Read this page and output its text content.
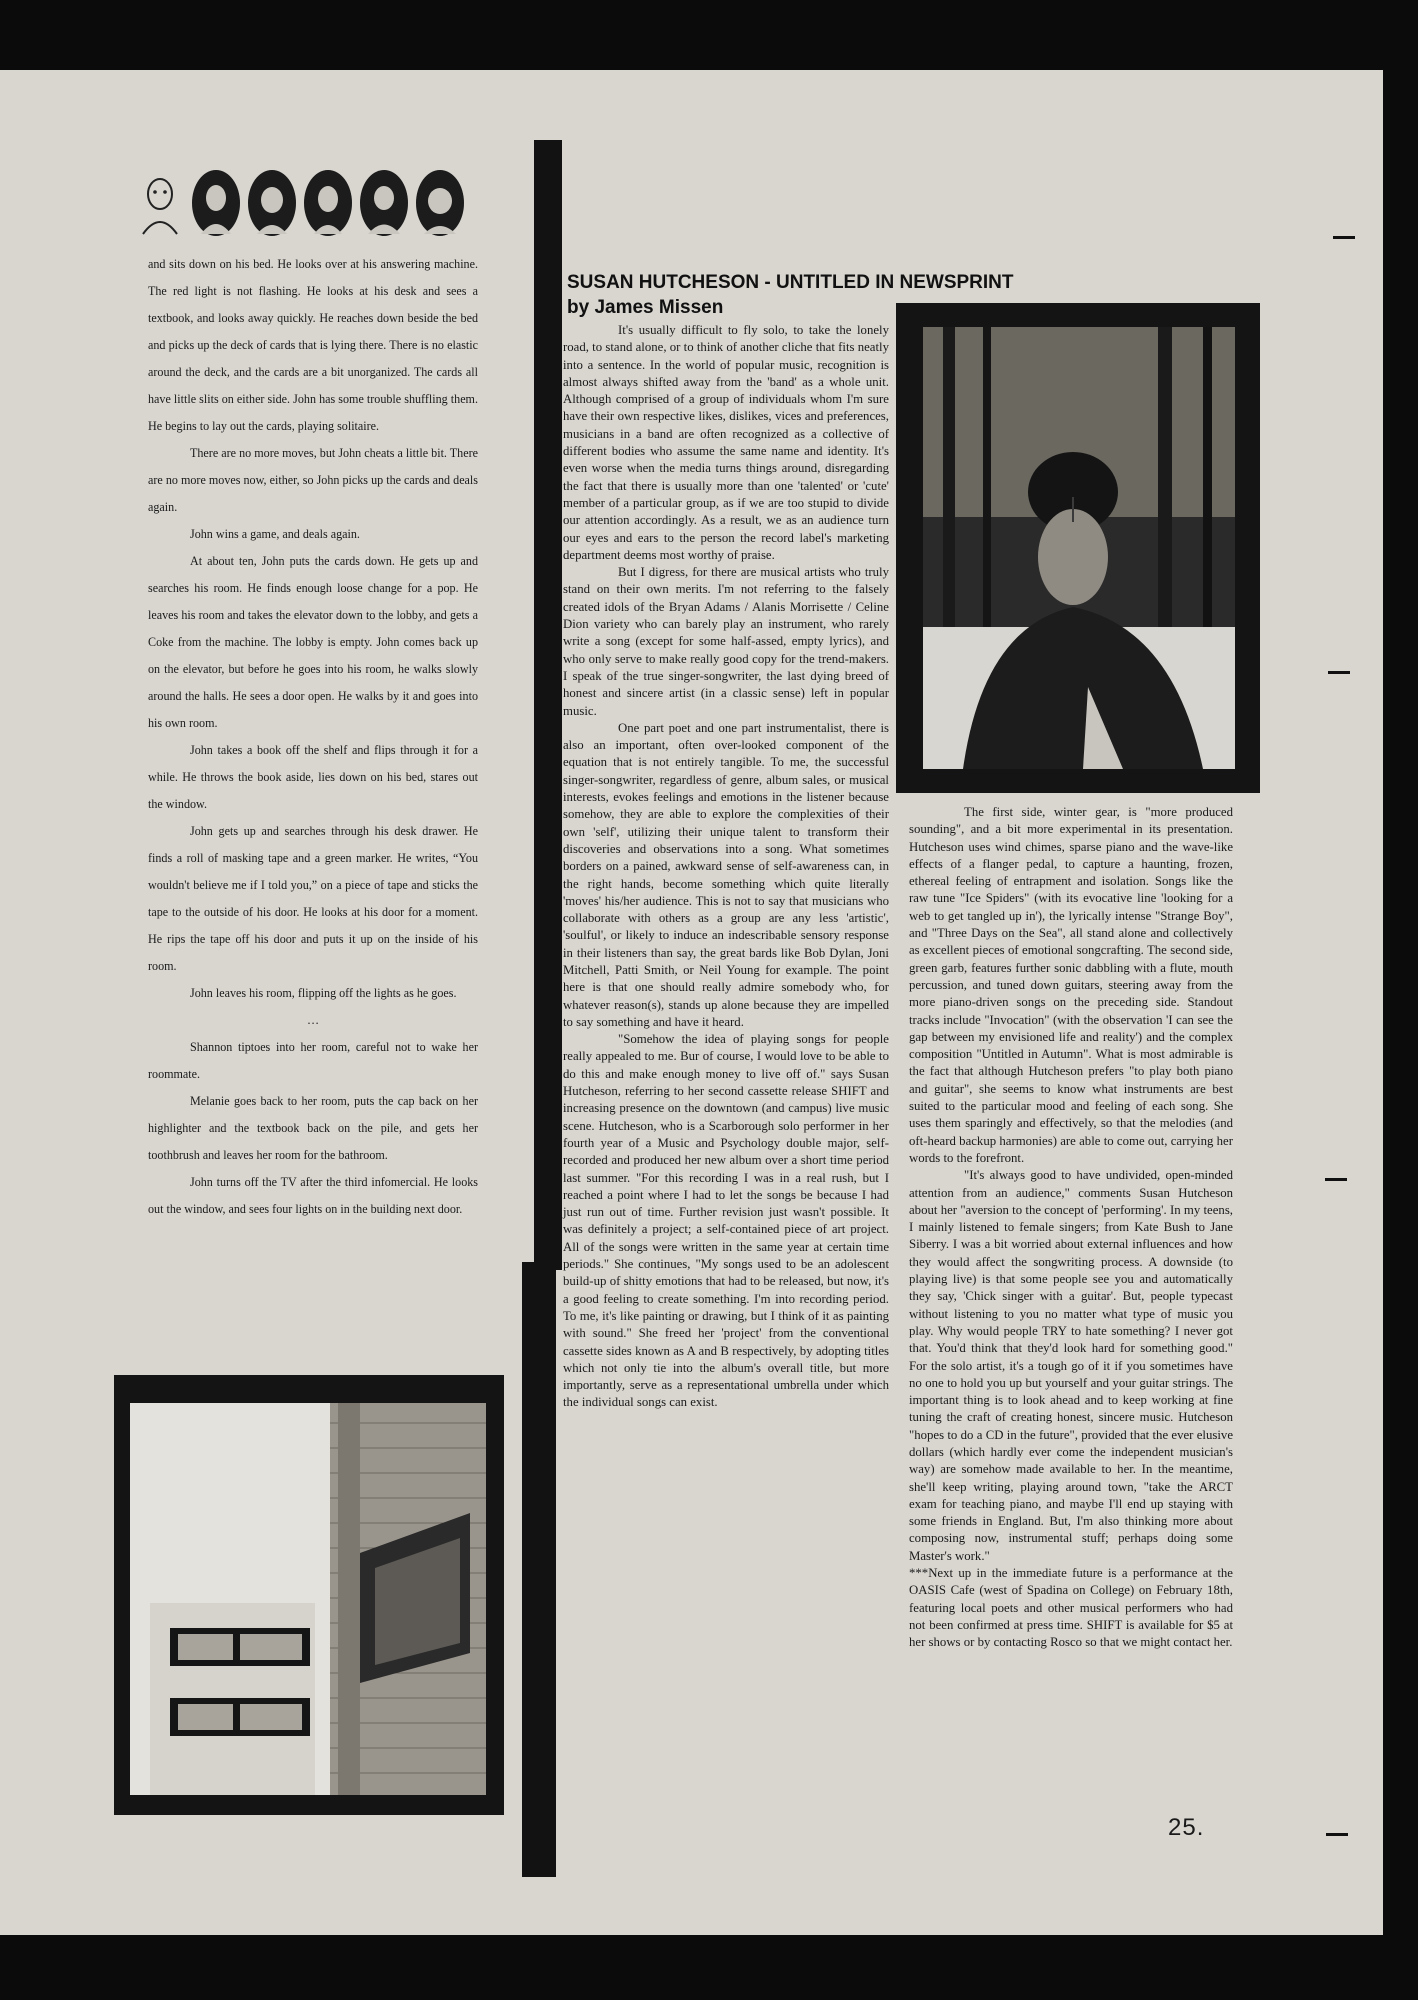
and sits down on his bed. He looks over at his answering machine. The red light is not flashing. He looks at his desk and sees a textbook, and looks away quickly. He reaches down beside the bed and picks up the deck of cards that is lying there. There is no elastic around the deck, and the cards are a bit unorganized. The cards all have little slits on either side. John has some trouble shuffling them. He begins to lay out the cards, playing solitaire.

There are no more moves, but John cheats a little bit. There are no more moves now, either, so John picks up the cards and deals again.

John wins a game, and deals again.

At about ten, John puts the cards down. He gets up and searches his room. He finds enough loose change for a pop. He leaves his room and takes the elevator down to the lobby, and gets a Coke from the machine. The lobby is empty. John comes back up on the elevator, but before he goes into his room, he walks slowly around the halls. He sees a door open. He walks by it and goes into his own room.

John takes a book off the shelf and flips through it for a while. He throws the book aside, lies down on his bed, stares out the window.

John gets up and searches through his desk drawer. He finds a roll of masking tape and a green marker. He writes, “You wouldn't believe me if I told you,” on a piece of tape and sticks the tape to the outside of his door. He looks at his door for a moment. He rips the tape off his door and puts it up on the inside of his room.

John leaves his room, flipping off the lights as he goes.

…

Shannon tiptoes into her room, careful not to wake her roommate.

Melanie goes back to her room, puts the cap back on her highlighter and the textbook back on the pile, and gets her toothbrush and leaves her room for the bathroom.

John turns off the TV after the third infomercial. He looks out the window, and sees four lights on in the building next door.

SUSAN HUTCHESON - UNTITLED IN NEWSPRINT
by James Missen

It's usually difficult to fly solo, to take the lonely road, to stand alone, or to think of another cliche that fits neatly into a sentence. In the world of popular music, recognition is almost always shifted away from the 'band' as a whole unit. Although comprised of a group of individuals whom I'm sure have their own respective likes, dislikes, vices and preferences, musicians in a band are often recognized as a collective of different bodies who assume the same name and identity. It's even worse when the media turns things around, disregarding the fact that there is usually more than one 'talented' or 'cute' member of a particular group, as if we are too stupid to divide our attention accordingly. As a result, we as an audience turn our eyes and ears to the person the record label's marketing department deems most worthy of praise.

But I digress, for there are musical artists who truly stand on their own merits. I'm not referring to the falsely created idols of the Bryan Adams / Alanis Morrisette / Celine Dion variety who can barely play an instrument, who rarely write a song (except for some half-assed, empty lyrics), and who only serve to make really good copy for the trend-makers. I speak of the true singer-songwriter, the last dying breed of honest and sincere artist (in a classic sense) left in popular music.

One part poet and one part instrumentalist, there is also an important, often over-looked component of the equation that is not entirely tangible. To me, the successful singer-songwriter, regardless of genre, album sales, or musical interests, evokes feelings and emotions in the listener because somehow, they are able to explore the complexities of their own 'self', utilizing their unique talent to transform their discoveries and observations into a song. What sometimes borders on a pained, awkward sense of self-awareness can, in the right hands, become something which quite literally 'moves' his/her audience. This is not to say that musicians who collaborate with others as a group are any less 'artistic', 'soulful', or likely to induce an indescribable sensory response in their listeners than say, the great bards like Bob Dylan, Joni Mitchell, Patti Smith, or Neil Young for example. The point here is that one should really admire somebody who, for whatever reason(s), stands up alone because they are impelled to say something and have it heard.

"Somehow the idea of playing songs for people really appealed to me. Bur of course, I would love to be able to do this and make enough money to live off of." says Susan Hutcheson, referring to her second cassette release SHIFT and increasing presence on the downtown (and campus) live music scene. Hutcheson, who is a Scarborough solo performer in her fourth year of a Music and Psychology double major, self-recorded and produced her new album over a short time period last summer. "For this recording I was in a real rush, but I reached a point where I had to let the songs be because I had just run out of time. Further revision just wasn't possible. It was definitely a project; a self-contained piece of art project. All of the songs were written in the same year at certain time periods." She continues, "My songs used to be an adolescent build-up of shitty emotions that had to be released, but now, it's a good feeling to create something. I'm into recording period. To me, it's like painting or drawing, but I think of it as painting with sound." She freed her 'project' from the conventional cassette sides known as A and B respectively, by adopting titles which not only tie into the album's overall title, but more importantly, serve as a representational umbrella under which the individual songs can exist.

The first side, winter gear, is "more produced sounding", and a bit more experimental in its presentation. Hutcheson uses wind chimes, sparse piano and the wave-like effects of a flanger pedal, to capture a haunting, frozen, ethereal feeling of entrapment and isolation. Songs like the raw tune "Ice Spiders" (with its evocative line 'looking for a web to get tangled up in'), the lyrically intense "Strange Boy", and "Three Days on the Sea", all stand alone and collectively as excellent pieces of emotional songcrafting. The second side, green garb, features further sonic dabbling with a flute, mouth percussion, and tuned down guitars, steering away from the more piano-driven songs on the preceding side. Standout tracks include "Invocation" (with the observation 'I can see the gap between my envisioned life and reality') and the complex composition "Untitled in Autumn". What is most admirable is the fact that although Hutcheson prefers "to play both piano and guitar", she seems to know what instruments are best suited to the particular mood and feeling of each song. She uses them sparingly and effectively, so that the melodies (and oft-heard backup harmonies) are able to come out, carrying her words to the forefront.

"It's always good to have undivided, open-minded attention from an audience," comments Susan Hutcheson about her "aversion to the concept of 'performing'. In my teens, I mainly listened to female singers; from Kate Bush to Jane Siberry. I was a bit worried about external influences and how they would affect the songwriting process. A downside (to playing live) is that some people see you and automatically they say, 'Chick singer with a guitar'. But, people typecast without listening to you no matter what type of music you play. Why would people TRY to hate something? I never got that. You'd think that they'd look hard for something good." For the solo artist, it's a tough go of it if you sometimes have no one to hold you up but yourself and your guitar strings. The important thing is to look ahead and to keep working at fine tuning the craft of creating honest, sincere music. Hutcheson "hopes to do a CD in the future", provided that the ever elusive dollars (which hardly ever come the independent musician's way) are somehow made available to her. In the meantime, she'll keep writing, playing around town, "take the ARCT exam for teaching piano, and maybe I'll end up staying with some friends in England. But, I'm also thinking more about composing now, instrumental stuff; perhaps doing some Master's work."

***Next up in the immediate future is a performance at the OASIS Cafe (west of Spadina on College) on February 18th, featuring local poets and other musical performers who had not been confirmed at press time. SHIFT is available for $5 at her shows or by contacting Rosco so that we might contact her.

25.
